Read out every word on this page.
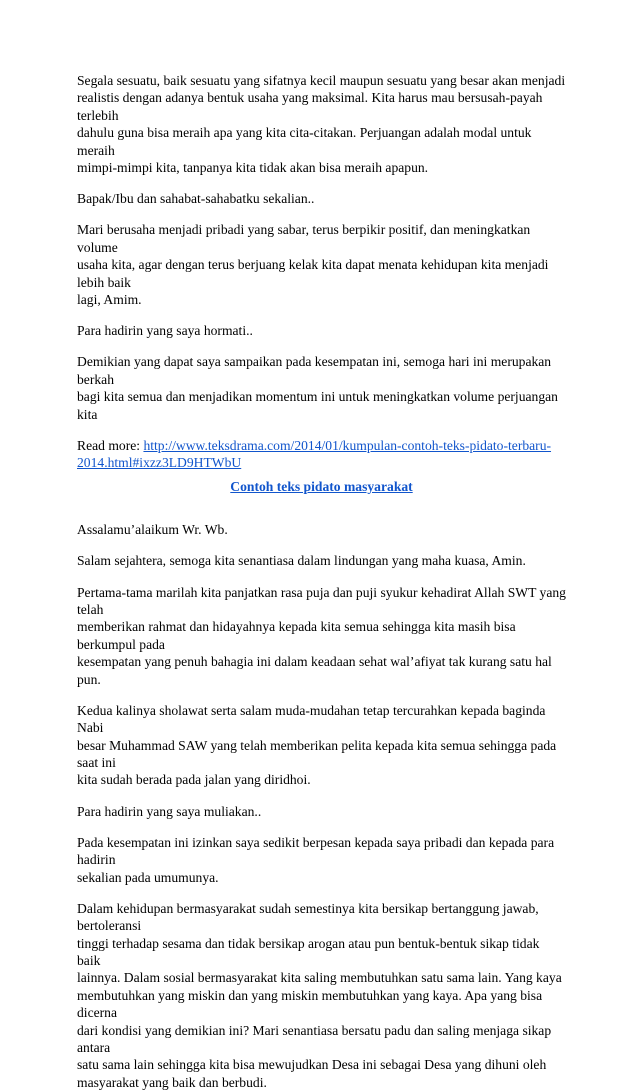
Segala sesuatu, baik sesuatu yang sifatnya kecil maupun sesuatu yang besar akan menjadi
realistis dengan adanya bentuk usaha yang maksimal. Kita harus mau bersusah-payah terlebih
dahulu guna bisa meraih apa yang kita cita-citakan. Perjuangan adalah modal untuk meraih
mimpi-mimpi kita, tanpanya kita tidak akan bisa meraih apapun.

Bapak/Ibu dan sahabat-sahabatku sekalian..

Mari berusaha menjadi pribadi yang sabar, terus berpikir positif, dan meningkatkan volume
usaha kita, agar dengan terus berjuang kelak kita dapat menata kehidupan kita menjadi lebih baik
lagi, Amim.

Para hadirin yang saya hormati..

Demikian yang dapat saya sampaikan pada kesempatan ini, semoga hari ini merupakan berkah
bagi kita semua dan menjadikan momentum ini untuk meningkatkan volume perjuangan kita

Read more: http://www.teksdrama.com/2014/01/kumpulan-contoh-teks-pidato-terbaru-
2014.html#ixzz3LD9HTWbU

Contoh teks pidato masyarakat

Assalamu’alaikum Wr. Wb.

Salam sejahtera, semoga kita senantiasa dalam lindungan yang maha kuasa, Amin.

Pertama-tama marilah kita panjatkan rasa puja dan puji syukur kehadirat Allah SWT yang telah
memberikan rahmat dan hidayahnya kepada kita semua sehingga kita masih bisa berkumpul pada
kesempatan yang penuh bahagia ini dalam keadaan sehat wal’afiyat tak kurang satu hal pun.

Kedua kalinya sholawat serta salam muda-mudahan tetap tercurahkan kepada baginda Nabi
besar Muhammad SAW yang telah memberikan pelita kepada kita semua sehingga pada saat ini
kita sudah berada pada jalan yang diridhoi.

Para hadirin yang saya muliakan..

Pada kesempatan ini izinkan saya sedikit berpesan kepada saya pribadi dan kepada para hadirin
sekalian pada umumunya.

Dalam kehidupan bermasyarakat sudah semestinya kita bersikap bertanggung jawab, bertoleransi
tinggi terhadap sesama dan tidak bersikap arogan atau pun bentuk-bentuk sikap tidak baik
lainnya. Dalam sosial bermasyarakat kita saling membutuhkan satu sama lain. Yang kaya
membutuhkan yang miskin dan yang miskin membutuhkan yang kaya. Apa yang bisa dicerna
dari kondisi yang demikian ini? Mari senantiasa bersatu padu dan saling menjaga sikap antara
satu sama lain sehingga kita bisa mewujudkan Desa ini sebagai Desa yang dihuni oleh
masyarakat yang baik dan berbudi.
